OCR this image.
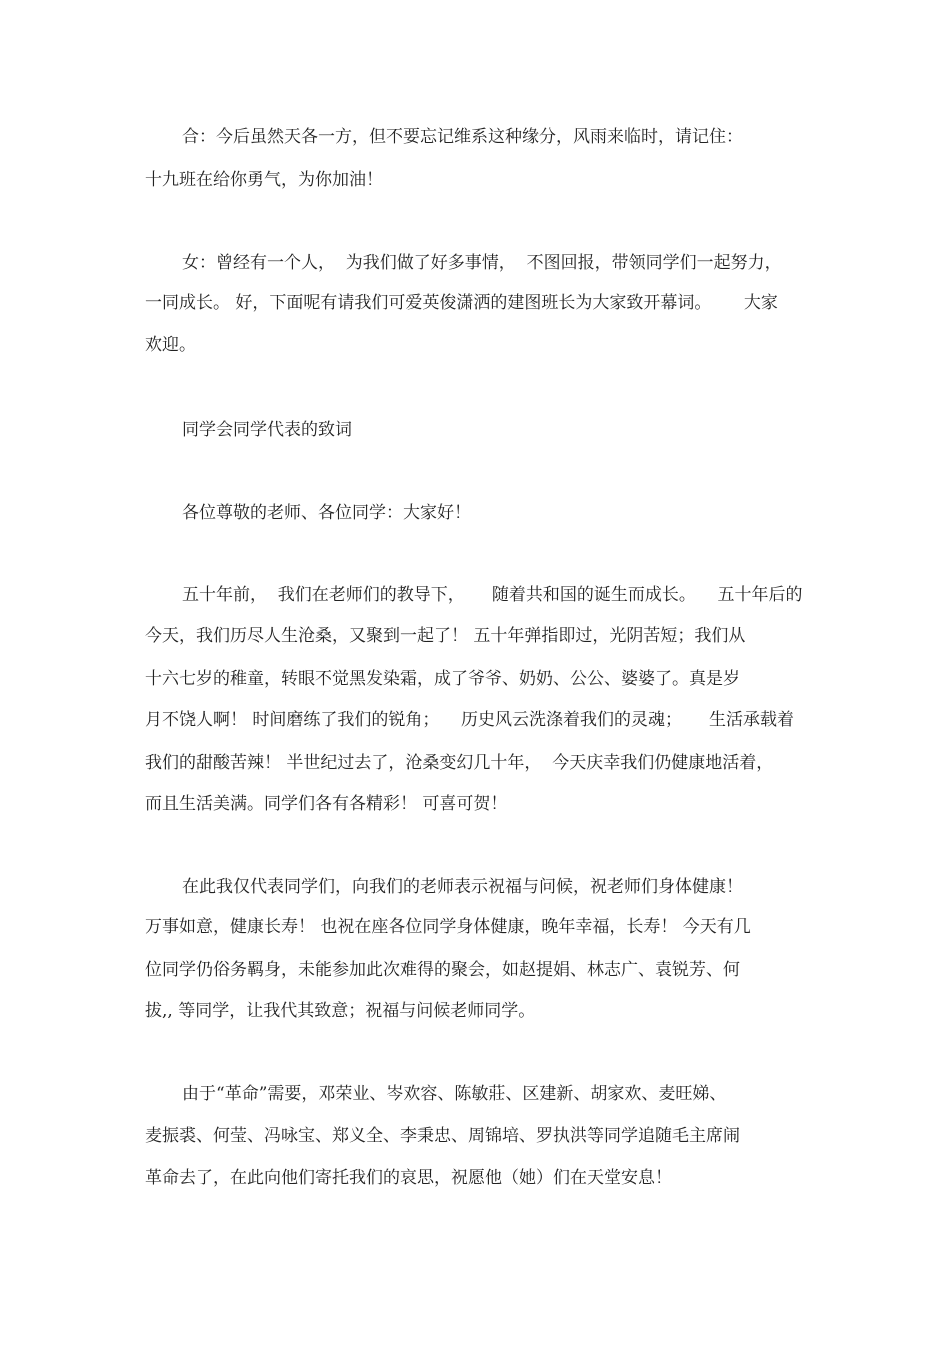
合：今后虽然天各一方，但不要忘记维系这种缘分，风雨来临时，请记住：

十九班在给你勇气，为你加油！

女：曾经有一个人，  为我们做了好多事情，  不图回报，带领同学们一起努力，

一同成长。 好，下面呢有请我们可爱英俊潇洒的建图班长为大家致开幕词。      大家

欢迎。

同学会同学代表的致词

各位尊敬的老师、各位同学：大家好！

五十年前，  我们在老师们的教导下，     随着共和国的诞生而成长。    五十年后的

今天，我们历尽人生沧桑，又聚到一起了！ 五十年弹指即过，光阴苦短；我们从

十六七岁的稚童，转眼不觉黑发染霜，成了爷爷、奶奶、公公、婆婆了。真是岁

月不饶人啊！ 时间磨练了我们的锐角；    历史风云洗涤着我们的灵魂；     生活承载着

我们的甜酸苦辣！ 半世纪过去了，沧桑变幻几十年，  今天庆幸我们仍健康地活着，

而且生活美满。同学们各有各精彩！ 可喜可贺！

在此我仅代表同学们，向我们的老师表示祝福与问候，祝老师们身体健康！

万事如意，健康长寿！ 也祝在座各位同学身体健康，晚年幸福，长寿！ 今天有几

位同学仍俗务羁身，未能参加此次难得的聚会，如赵提娟、林志广、袁锐芳、何

拔,, 等同学，让我代其致意；祝福与问候老师同学。

由于“革命”需要，邓荣业、岑欢容、陈敏莊、区建新、胡家欢、麦旺娣、

麦振裘、何莹、冯咏宝、郑义全、李秉忠、周锦培、罗执洪等同学追随毛主席闹

革命去了，在此向他们寄托我们的哀思，祝愿他（她）们在天堂安息！
